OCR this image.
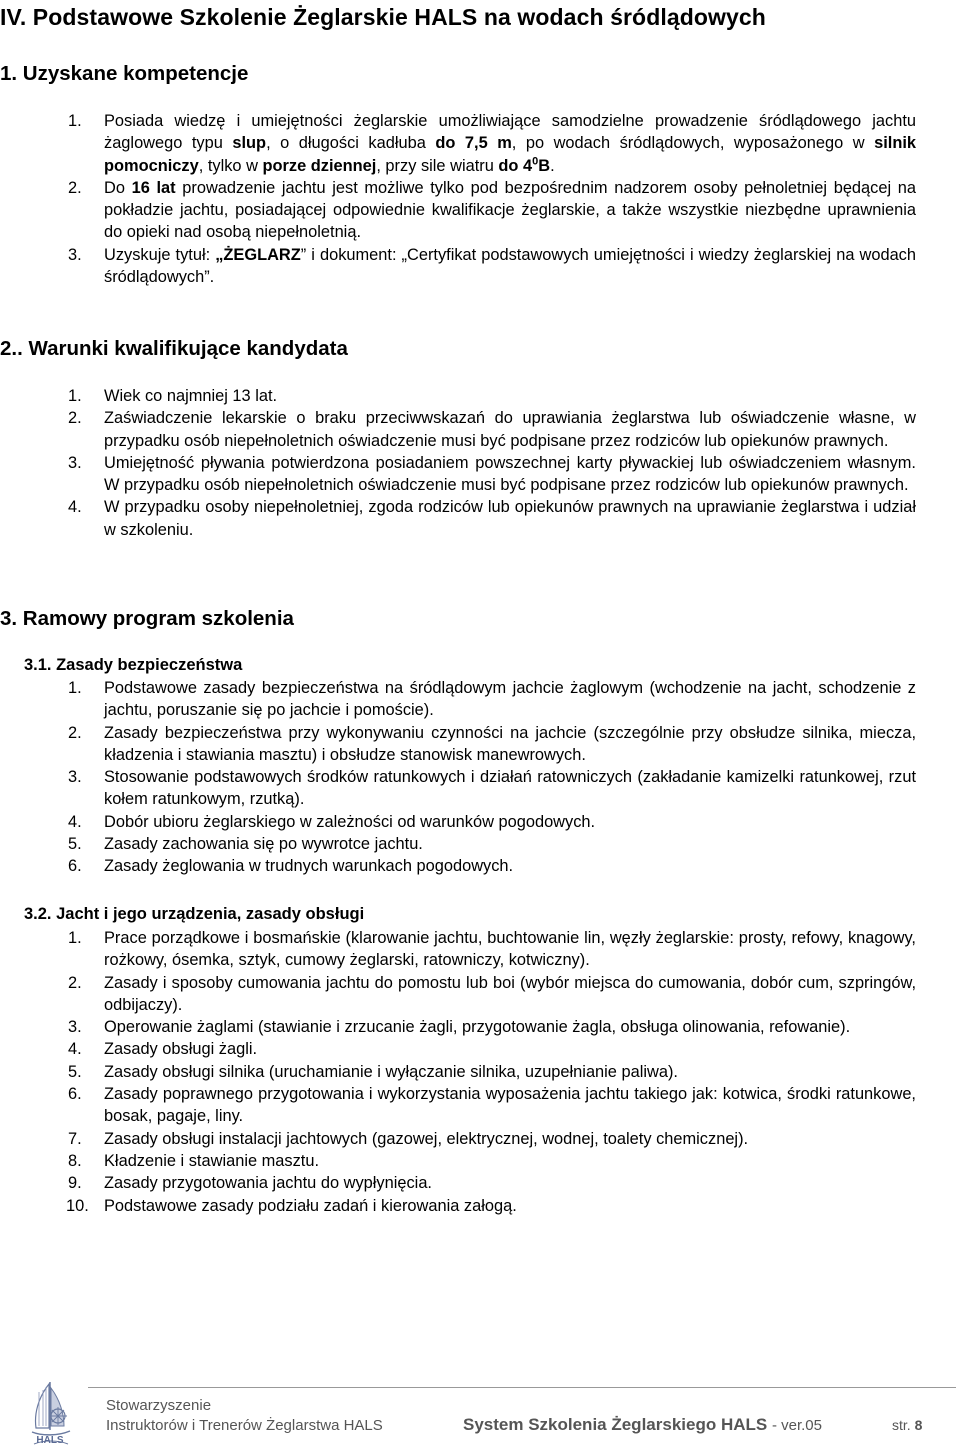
IV. Podstawowe Szkolenie Żeglarskie HALS na wodach śródlądowych
1. Uzyskane kompetencje
1. Posiada wiedzę i umiejętności żeglarskie umożliwiające samodzielne prowadzenie śródlądowego jachtu żaglowego typu slup, o długości kadłuba do 7,5 m, po wodach śródlądowych, wyposażonego w silnik pomocniczy, tylko w porze dziennej, przy sile wiatru do $4^0B$.
2. Do 16 lat prowadzenie jachtu jest możliwe tylko pod bezpośrednim nadzorem osoby pełnoletniej będącej na pokładzie jachtu, posiadającej odpowiednie kwalifikacje żeglarskie, a także wszystkie niezbędne uprawnienia do opieki nad osobą niepełnoletnią.
3. Uzyskuje tytuł: „ŻEGLARZ” i dokument: „Certyfikat podstawowych umiejętności i wiedzy żeglarskiej na wodach śródlądowych”.
2.. Warunki kwalifikujące kandydata
1. Wiek co najmniej 13 lat.
2. Zaświadczenie lekarskie o braku przeciwwskazań do uprawiania żeglarstwa lub oświadczenie własne, w przypadku osób niepełnoletnich oświadczenie musi być podpisane przez rodziców lub opiekunów prawnych.
3. Umiejętność pływania potwierdzona posiadaniem powszechnej karty pływackiej lub oświadczeniem własnym. W przypadku osób niepełnoletnich oświadczenie musi być podpisane przez rodziców lub opiekunów prawnych.
4. W przypadku osoby niepełnoletniej, zgoda rodziców lub opiekunów prawnych na uprawianie żeglarstwa i udział w szkoleniu.
3. Ramowy program szkolenia
3.1. Zasady bezpieczeństwa
1. Podstawowe zasady bezpieczeństwa na śródlądowym jachcie żaglowym (wchodzenie na jacht, schodzenie z jachtu, poruszanie się po jachcie i pomoście).
2. Zasady bezpieczeństwa przy wykonywaniu czynności na jachcie (szczególnie przy obsłudze silnika, miecza, kładzenia i stawiania masztu) i obsłudze stanowisk manewrowych.
3. Stosowanie podstawowych środków ratunkowych i działań ratowniczych (zakładanie kamizelki ratunkowej, rzut kołem ratunkowym, rzutką).
4. Dobór ubioru żeglarskiego w zależności od warunków pogodowych.
5. Zasady zachowania się po wywrotce jachtu.
6. Zasady żeglowania w trudnych warunkach pogodowych.
3.2. Jacht i jego urządzenia, zasady obsługi
1. Prace porządkowe i bosmańskie (klarowanie jachtu, buchtowanie lin, węzły żeglarskie: prosty, refowy, knagowy, rożkowy, ósemka, sztyk, cumowy żeglarski, ratowniczy, kotwiczny).
2. Zasady i sposoby cumowania jachtu do pomostu lub boi (wybór miejsca do cumowania, dobór cum, szpringów, odbijaczy).
3. Operowanie żaglami (stawianie i zrzucanie żagli, przygotowanie żagla, obsługa olinowania, refowanie).
4. Zasady obsługi żagli.
5. Zasady obsługi silnika (uruchamianie i wyłączanie silnika, uzupełnianie paliwa).
6. Zasady poprawnego przygotowania i wykorzystania wyposażenia jachtu takiego jak: kotwica, środki ratunkowe, bosak, pagaje, liny.
7. Zasady obsługi instalacji jachtowych (gazowej, elektrycznej, wodnej, toalety chemicznej).
8. Kładzenie i stawianie masztu.
9. Zasady przygotowania jachtu do wypłynięcia.
10. Podstawowe zasady podziału zadań i kierowania załogą.
HALS
Stowarzyszenie
Instruktorów i Trenerów Żeglarstwa HALS	System Szkolenia Żeglarskiego HALS - ver.05	str. 8
